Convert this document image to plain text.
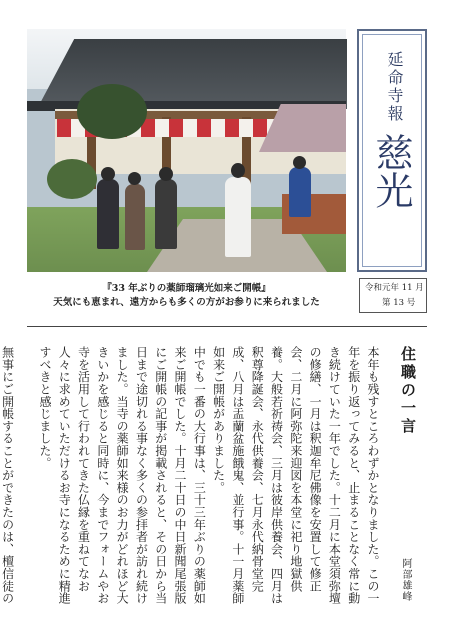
延命寺報
慈光
『33 年ぶりの薬師瑠璃光如来ご開帳』
天気にも恵まれ、遠方からも多くの方がお参りに来られました
令和元年 11 月
第 13 号
住職の一言
阿部雄峰

本年も残すところわずかとなりました。この一年を振り返ってみると、止まることなく常に動き続けていた一年でした。十二月に本堂須弥壇の修繕、一月は釈迦牟尼佛像を安置して修正会、二月に阿弥陀来迎図を本堂に祀り地獄供養。大般若祈祷会、三月は彼岸供養会、四月は釈尊降誕会、永代供養会、七月永代納骨堂完成、八月は盂蘭盆施餓鬼、並行事。十一月薬師如来ご開帳がありました。

中でも一番の大行事は、三十三年ぶりの薬師如来ご開帳でした。十月二十日の中日新聞尾張版にご開帳の記事が掲載されると、その日から当日まで途切れる事なく多くの参拝者が訪れ続けました。当寺の薬師如来様のお力がどれほど大きいかを感じると同時に、今までフォームやお寺を活用して行われてきた仏縁を重ねてなお人々に求めていただけるお寺になるために精進すべきと感じました。

無事にご開帳することができたのは、檀信徒の
